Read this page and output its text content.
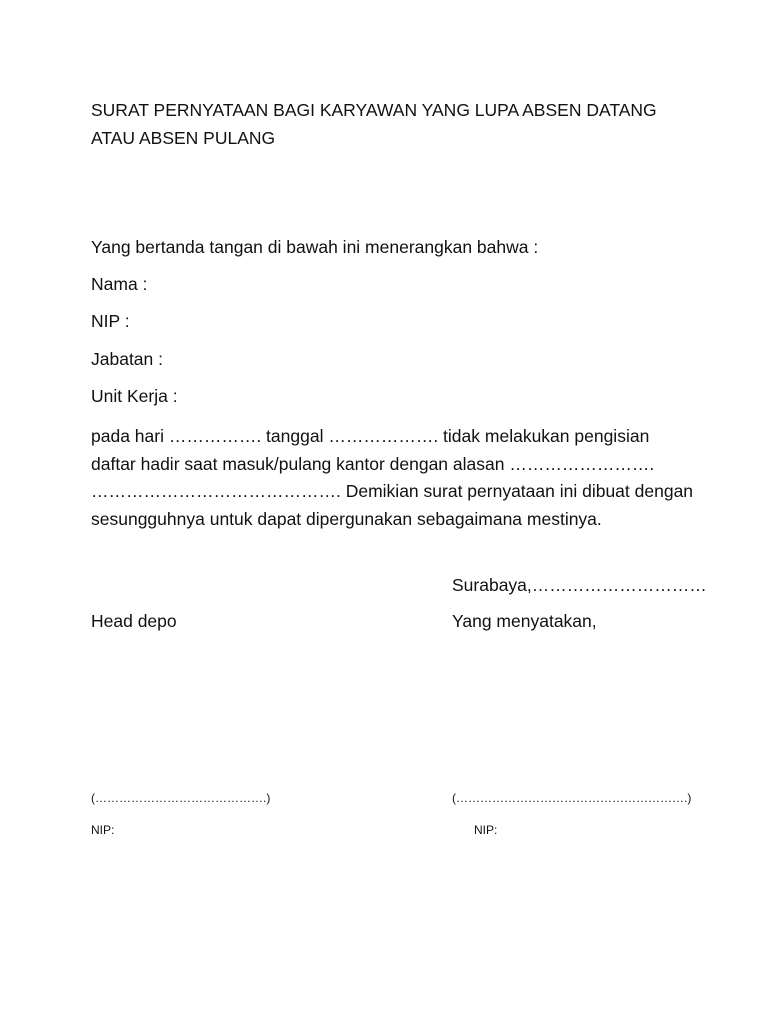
SURAT PERNYATAAN BAGI KARYAWAN YANG LUPA ABSEN DATANG ATAU ABSEN PULANG
Yang bertanda tangan di bawah ini menerangkan bahwa :
Nama :
NIP :
Jabatan :
Unit Kerja :
pada hari ……………. tanggal ………………. tidak melakukan pengisian
daftar hadir saat masuk/pulang kantor dengan alasan …………………….
……………………………………. Demikian surat pernyataan ini dibuat dengan
sesungguhnya untuk dapat dipergunakan sebagaimana mestinya.
Surabaya,…………………………
Head depo	Yang menyatakan,
(…………………………………….)	(………………………………………………….)
NIP:	NIP:
